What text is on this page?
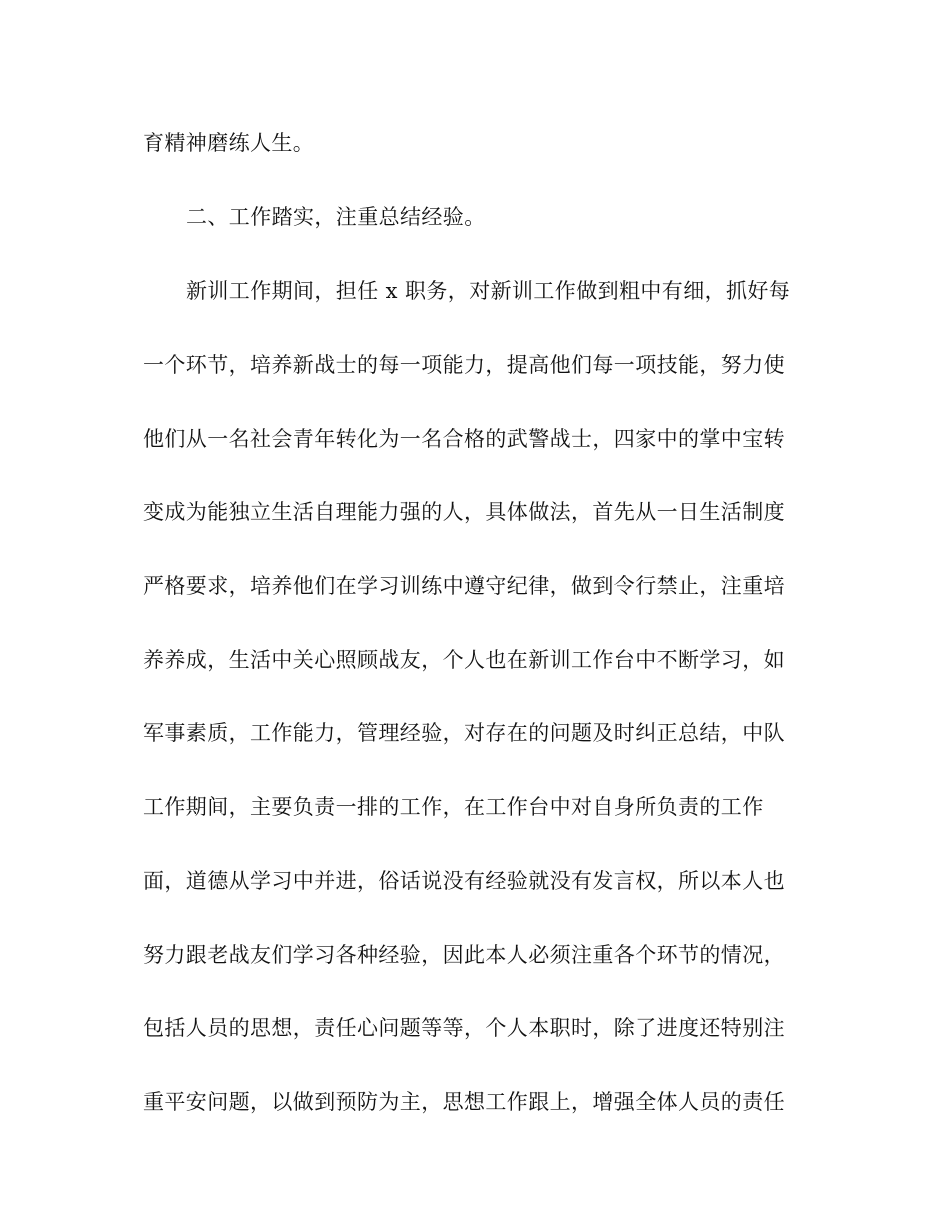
育精神磨练人生。
二、工作踏实，注重总结经验。
新训工作期间，担任 x 职务，对新训工作做到粗中有细，抓好每
一个环节，培养新战士的每一项能力，提高他们每一项技能，努力使
他们从一名社会青年转化为一名合格的武警战士，四家中的掌中宝转
变成为能独立生活自理能力强的人，具体做法，首先从一日生活制度
严格要求，培养他们在学习训练中遵守纪律，做到令行禁止，注重培
养养成，生活中关心照顾战友，个人也在新训工作台中不断学习，如
军事素质，工作能力，管理经验，对存在的问题及时纠正总结，中队
工作期间，主要负责一排的工作，在工作台中对自身所负责的工作
面，道德从学习中并进，俗话说没有经验就没有发言权，所以本人也
努力跟老战友们学习各种经验，因此本人必须注重各个环节的情况，
包括人员的思想，责任心问题等等，个人本职时，除了进度还特别注
重平安问题，以做到预防为主，思想工作跟上，增强全体人员的责任
